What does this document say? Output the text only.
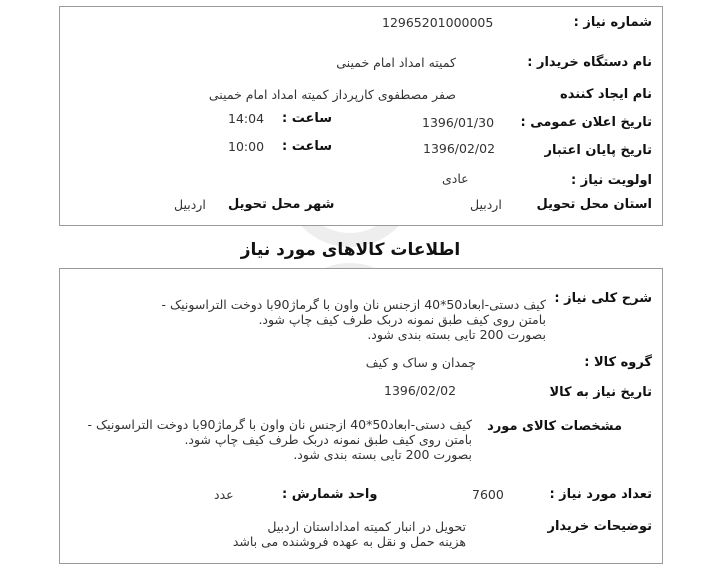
شماره نیاز :
12965201000005
نام دستگاه خریدار :
کمیته امداد امام خمینی
نام ایجاد کننده
صفر مصطفوی کارپرداز کمیته امداد امام خمینی
تاریخ اعلان عمومی :
1396/01/30
ساعت :
14:04
تاریخ پایان اعتبار
1396/02/02
ساعت :
10:00
اولویت نیاز :
عادی
استان محل تحویل
اردبیل
شهر محل تحویل
اردبیل
اطلاعات کالاهای مورد نیاز
شرح کلی نیاز :
کیف دستی-ابعاد50*40 ازجنس نان واون با گرماژ90با دوخت التراسونیک -
بامتن روی کیف طبق نمونه دربک طرف کیف چاپ شود.
بصورت 200 تایی بسته بندی شود.
گروه کالا :
چمدان و ساک و کیف
تاریخ نیاز به کالا
1396/02/02
مشخصات کالای مورد
کیف دستی-ابعاد50*40 ازجنس نان واون با گرماژ90با دوخت التراسونیک -
بامتن روی کیف طبق نمونه دربک طرف کیف چاپ شود.
بصورت 200 تایی بسته بندی شود.
تعداد مورد نیاز :
7600
واحد شمارش :
عدد
توضیحات خریدار
تحویل در انبار کمیته امداداستان اردبیل
هزینه حمل و نقل به عهده فروشنده می باشد
